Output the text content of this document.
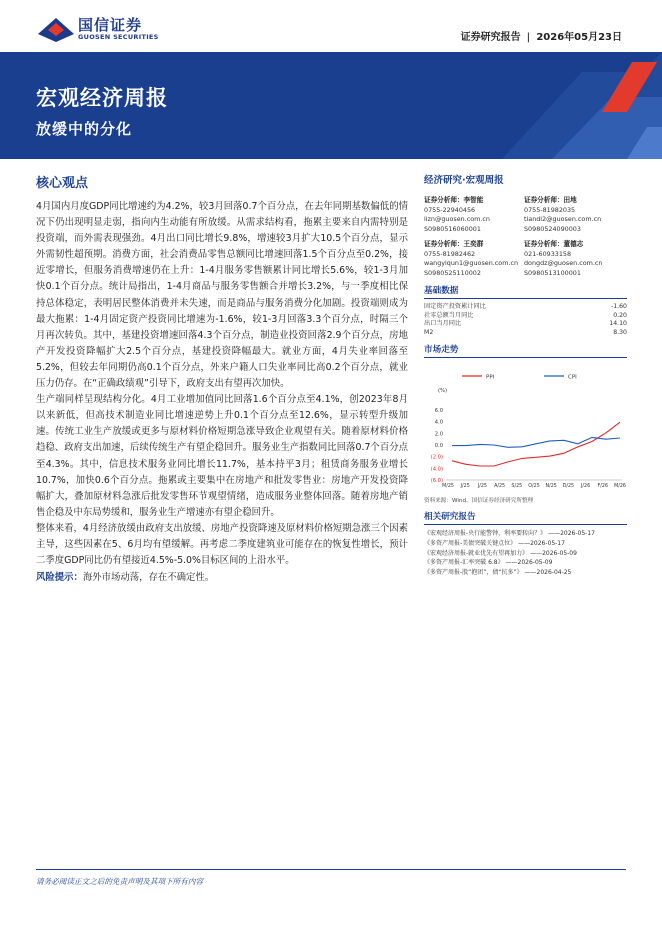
国信证券
GUOSEN SECURITIES	证券研究报告 | 2026年05月23日
宏观经济周报
放缓中的分化
核心观点

4月国内月度GDP同比增速约为4.2%，较3月回落0.7个百分点，在去年同期基数偏低的情况下仍出现明显走弱，指向内生动能有所放缓。从需求结构看，拖累主要来自内需特别是投资端，而外需表现强劲。4月出口同比增长9.8%，增速较3月扩大10.5个百分点，显示外需韧性超预期。消费方面，社会消费品零售总额同比增速回落1.5个百分点至0.2%，接近零增长，但服务消费增速仍在上升：1-4月服务零售额累计同比增长5.6%，较1-3月加快0.1个百分点。统计局指出，1-4月商品与服务零售额合并增长3.2%，与一季度相比保持总体稳定，表明居民整体消费并未失速，而是商品与服务消费分化加剧。投资端则成为最大拖累：1-4月固定资产投资同比增速为-1.6%，较1-3月回落3.3个百分点，时隔三个月再次转负。其中，基建投资增速回落4.3个百分点，制造业投资回落2.9个百分点，房地产开发投资降幅扩大2.5个百分点，基建投资降幅最大。就业方面，4月失业率回落至5.2%，但较去年同期仍高0.1个百分点，外来户籍人口失业率同比高0.2个百分点，就业压力仍存。在“正确政绩观”引导下，政府支出有望再次加快。

生产端同样呈现结构分化。4月工业增加值同比回落1.6个百分点至4.1%，创2023年8月以来新低，但高技术制造业同比增速逆势上升0.1个百分点至12.6%，显示转型升级加速。传统工业生产放缓或更多与原材料价格短期急涨导致企业观望有关。随着原材料价格趋稳、政府支出加速，后续传统生产有望企稳回升。服务业生产指数同比回落0.7个百分点至4.3%。其中，信息技术服务业同比增长11.7%，基本持平3月；租赁商务服务业增长10.7%，加快0.6个百分点。拖累或主要集中在房地产和批发零售业：房地产开发投资降幅扩大，叠加原材料急涨后批发零售环节观望情绪，造成服务业整体回落。随着房地产销售企稳及中东局势缓和，服务业生产增速亦有望企稳回升。

整体来看，4月经济放缓由政府支出放缓、房地产投资降速及原材料价格短期急涨三个因素主导，这些因素在5、6月均有望缓解。再考虑二季度建筑业可能存在的恢复性增长，预计二季度GDP同比仍有望接近4.5%-5.0%目标区间的上沿水平。

风险提示：海外市场动荡，存在不确定性。
经济研究·宏观周报
证券分析师：李智能
0755-22940456
lizn@guosen.com.cn
S0980516060001
证券分析师：田地
0755-81982035
tiandi2@guosen.com.cn
S0980524090003
证券分析师：王奕群
0755-81982462
wangyiqun1@guosen.com.cn
S0980525110002
证券分析师：董德志
021-60933158
dongdz@guosen.com.cn
S0980513100001
基础数据
固定资产投资累计同比	-1.60
社零总额当月同比	0.20
出口当月同比	14.10
M2	8.30
市场走势
PPI	CPI
(%)
6.0
4.0
2.0
0.0
(2.0)
(4.0)
(6.0)
M/25 J/25 J/25 A/25 S/25 O/25 N/25 D/25 J/26 F/26 M/26
资料来源：Wind、国信证券经济研究所整理
相关研究报告
《宏观经济周报-央行能警钟，利率要转向？》 ——2026-05-17
《多资产周报-美债突破关键点位》 ——2026-05-17
《宏观经济周报-就业优先有望再加力》 ——2026-05-09
《多资产周报-汇率突破 6.8》 ——2026-05-09
《多资产周报-股“抱团”，债“抗多”》 ——2026-04-25
请务必阅读正文之后的免责声明及其项下所有内容
